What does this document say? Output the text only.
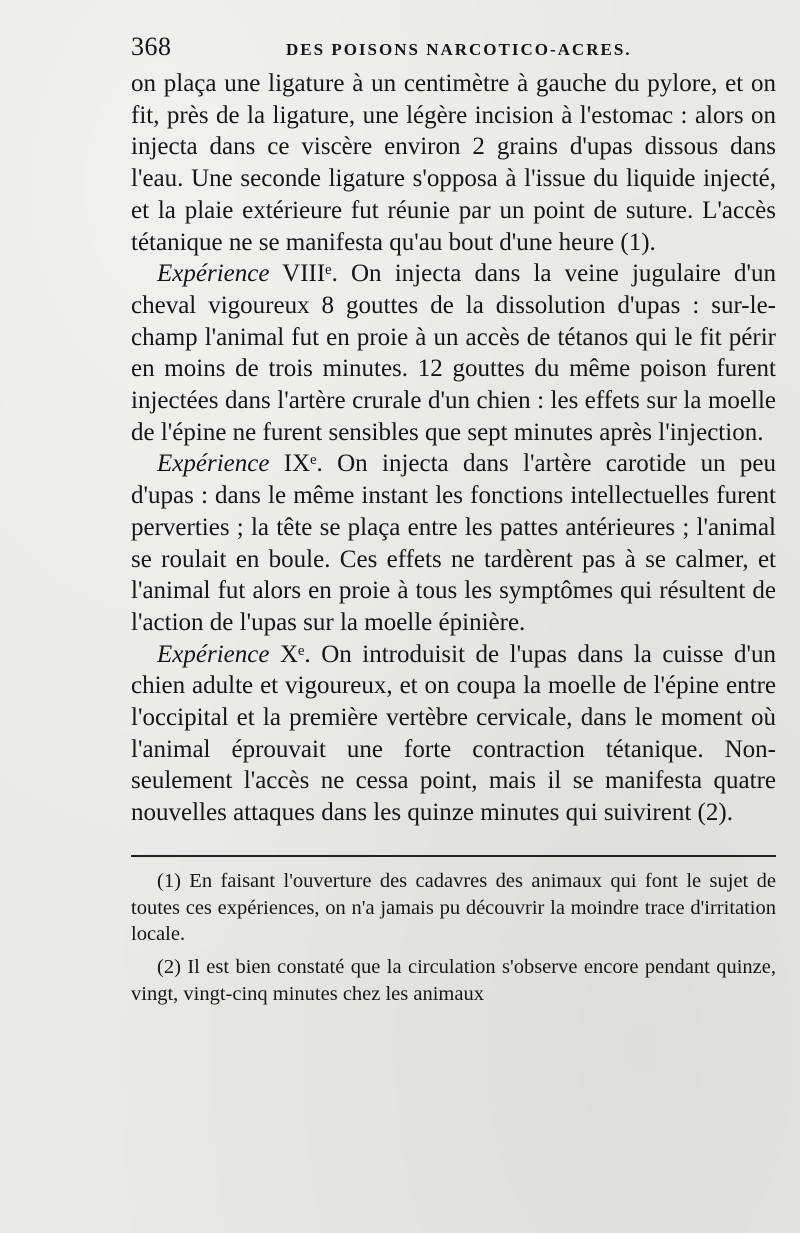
368	DES POISONS NARCOTICO-ACRES.

on plaça une ligature à un centimètre à gauche du pylore, et on fit, près de la ligature, une légère incision à l'estomac : alors on injecta dans ce viscère environ 2 grains d'upas dissous dans l'eau. Une seconde ligature s'opposa à l'issue du liquide injecté, et la plaie extérieure fut réunie par un point de suture. L'accès tétanique ne se manifesta qu'au bout d'une heure (1).

Expérience VIIIᵉ. On injecta dans la veine jugulaire d'un cheval vigoureux 8 gouttes de la dissolution d'upas : sur-le-champ l'animal fut en proie à un accès de tétanos qui le fit périr en moins de trois minutes. 12 gouttes du même poison furent injectées dans l'artère crurale d'un chien : les effets sur la moelle de l'épine ne furent sensibles que sept minutes après l'injection.

Expérience IXᵉ. On injecta dans l'artère carotide un peu d'upas : dans le même instant les fonctions intellectuelles furent perverties ; la tête se plaça entre les pattes antérieures ; l'animal se roulait en boule. Ces effets ne tardèrent pas à se calmer, et l'animal fut alors en proie à tous les symptômes qui résultent de l'action de l'upas sur la moelle épinière.

Expérience Xᵉ. On introduisit de l'upas dans la cuisse d'un chien adulte et vigoureux, et on coupa la moelle de l'épine entre l'occipital et la première vertèbre cervicale, dans le moment où l'animal éprouvait une forte contraction tétanique. Non-seulement l'accès ne cessa point, mais il se manifesta quatre nouvelles attaques dans les quinze minutes qui suivirent (2).

(1) En faisant l'ouverture des cadavres des animaux qui font le sujet de toutes ces expériences, on n'a jamais pu découvrir la moindre trace d'irritation locale.

(2) Il est bien constaté que la circulation s'observe encore pendant quinze, vingt, vingt-cinq minutes chez les animaux
